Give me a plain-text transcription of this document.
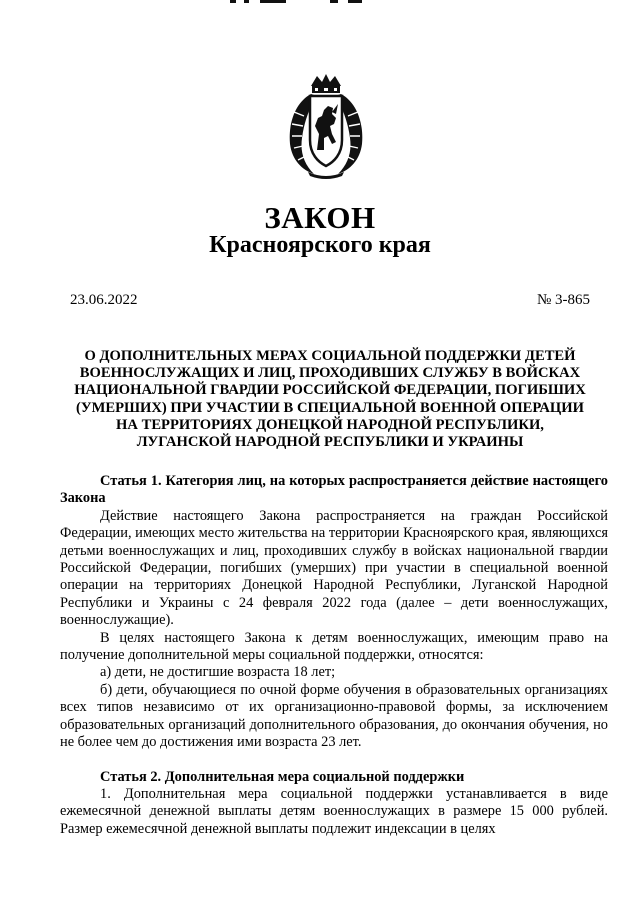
ЗАКОН
Красноярского края
23.06.2022	№ 3-865
О ДОПОЛНИТЕЛЬНЫХ МЕРАХ СОЦИАЛЬНОЙ ПОДДЕРЖКИ ДЕТЕЙ
ВОЕННОСЛУЖАЩИХ И ЛИЦ, ПРОХОДИВШИХ СЛУЖБУ В ВОЙСКАХ
НАЦИОНАЛЬНОЙ ГВАРДИИ РОССИЙСКОЙ ФЕДЕРАЦИИ, ПОГИБШИХ
(УМЕРШИХ) ПРИ УЧАСТИИ В СПЕЦИАЛЬНОЙ ВОЕННОЙ ОПЕРАЦИИ
НА ТЕРРИТОРИЯХ ДОНЕЦКОЙ НАРОДНОЙ РЕСПУБЛИКИ,
ЛУГАНСКОЙ НАРОДНОЙ РЕСПУБЛИКИ И УКРАИНЫ

Статья 1. Категория лиц, на которых распространяется действие настоящего Закона

Действие настоящего Закона распространяется на граждан Российской Федерации, имеющих место жительства на территории Красноярского края, являющихся детьми военнослужащих и лиц, проходивших службу в войсках национальной гвардии Российской Федерации, погибших (умерших) при участии в специальной военной операции на территориях Донецкой Народной Республики, Луганской Народной Республики и Украины с 24 февраля 2022 года (далее – дети военнослужащих, военнослужащие).

В целях настоящего Закона к детям военнослужащих, имеющим право на получение дополнительной меры социальной поддержки, относятся:

а) дети, не достигшие возраста 18 лет;

б) дети, обучающиеся по очной форме обучения в образовательных организациях всех типов независимо от их организационно-правовой формы, за исключением образовательных организаций дополнительного образования, до окончания обучения, но не более чем до достижения ими возраста 23 лет.

Статья 2. Дополнительная мера социальной поддержки

1. Дополнительная мера социальной поддержки устанавливается в виде ежемесячной денежной выплаты детям военнослужащих в размере 15 000 рублей. Размер ежемесячной денежной выплаты подлежит индексации в целях
